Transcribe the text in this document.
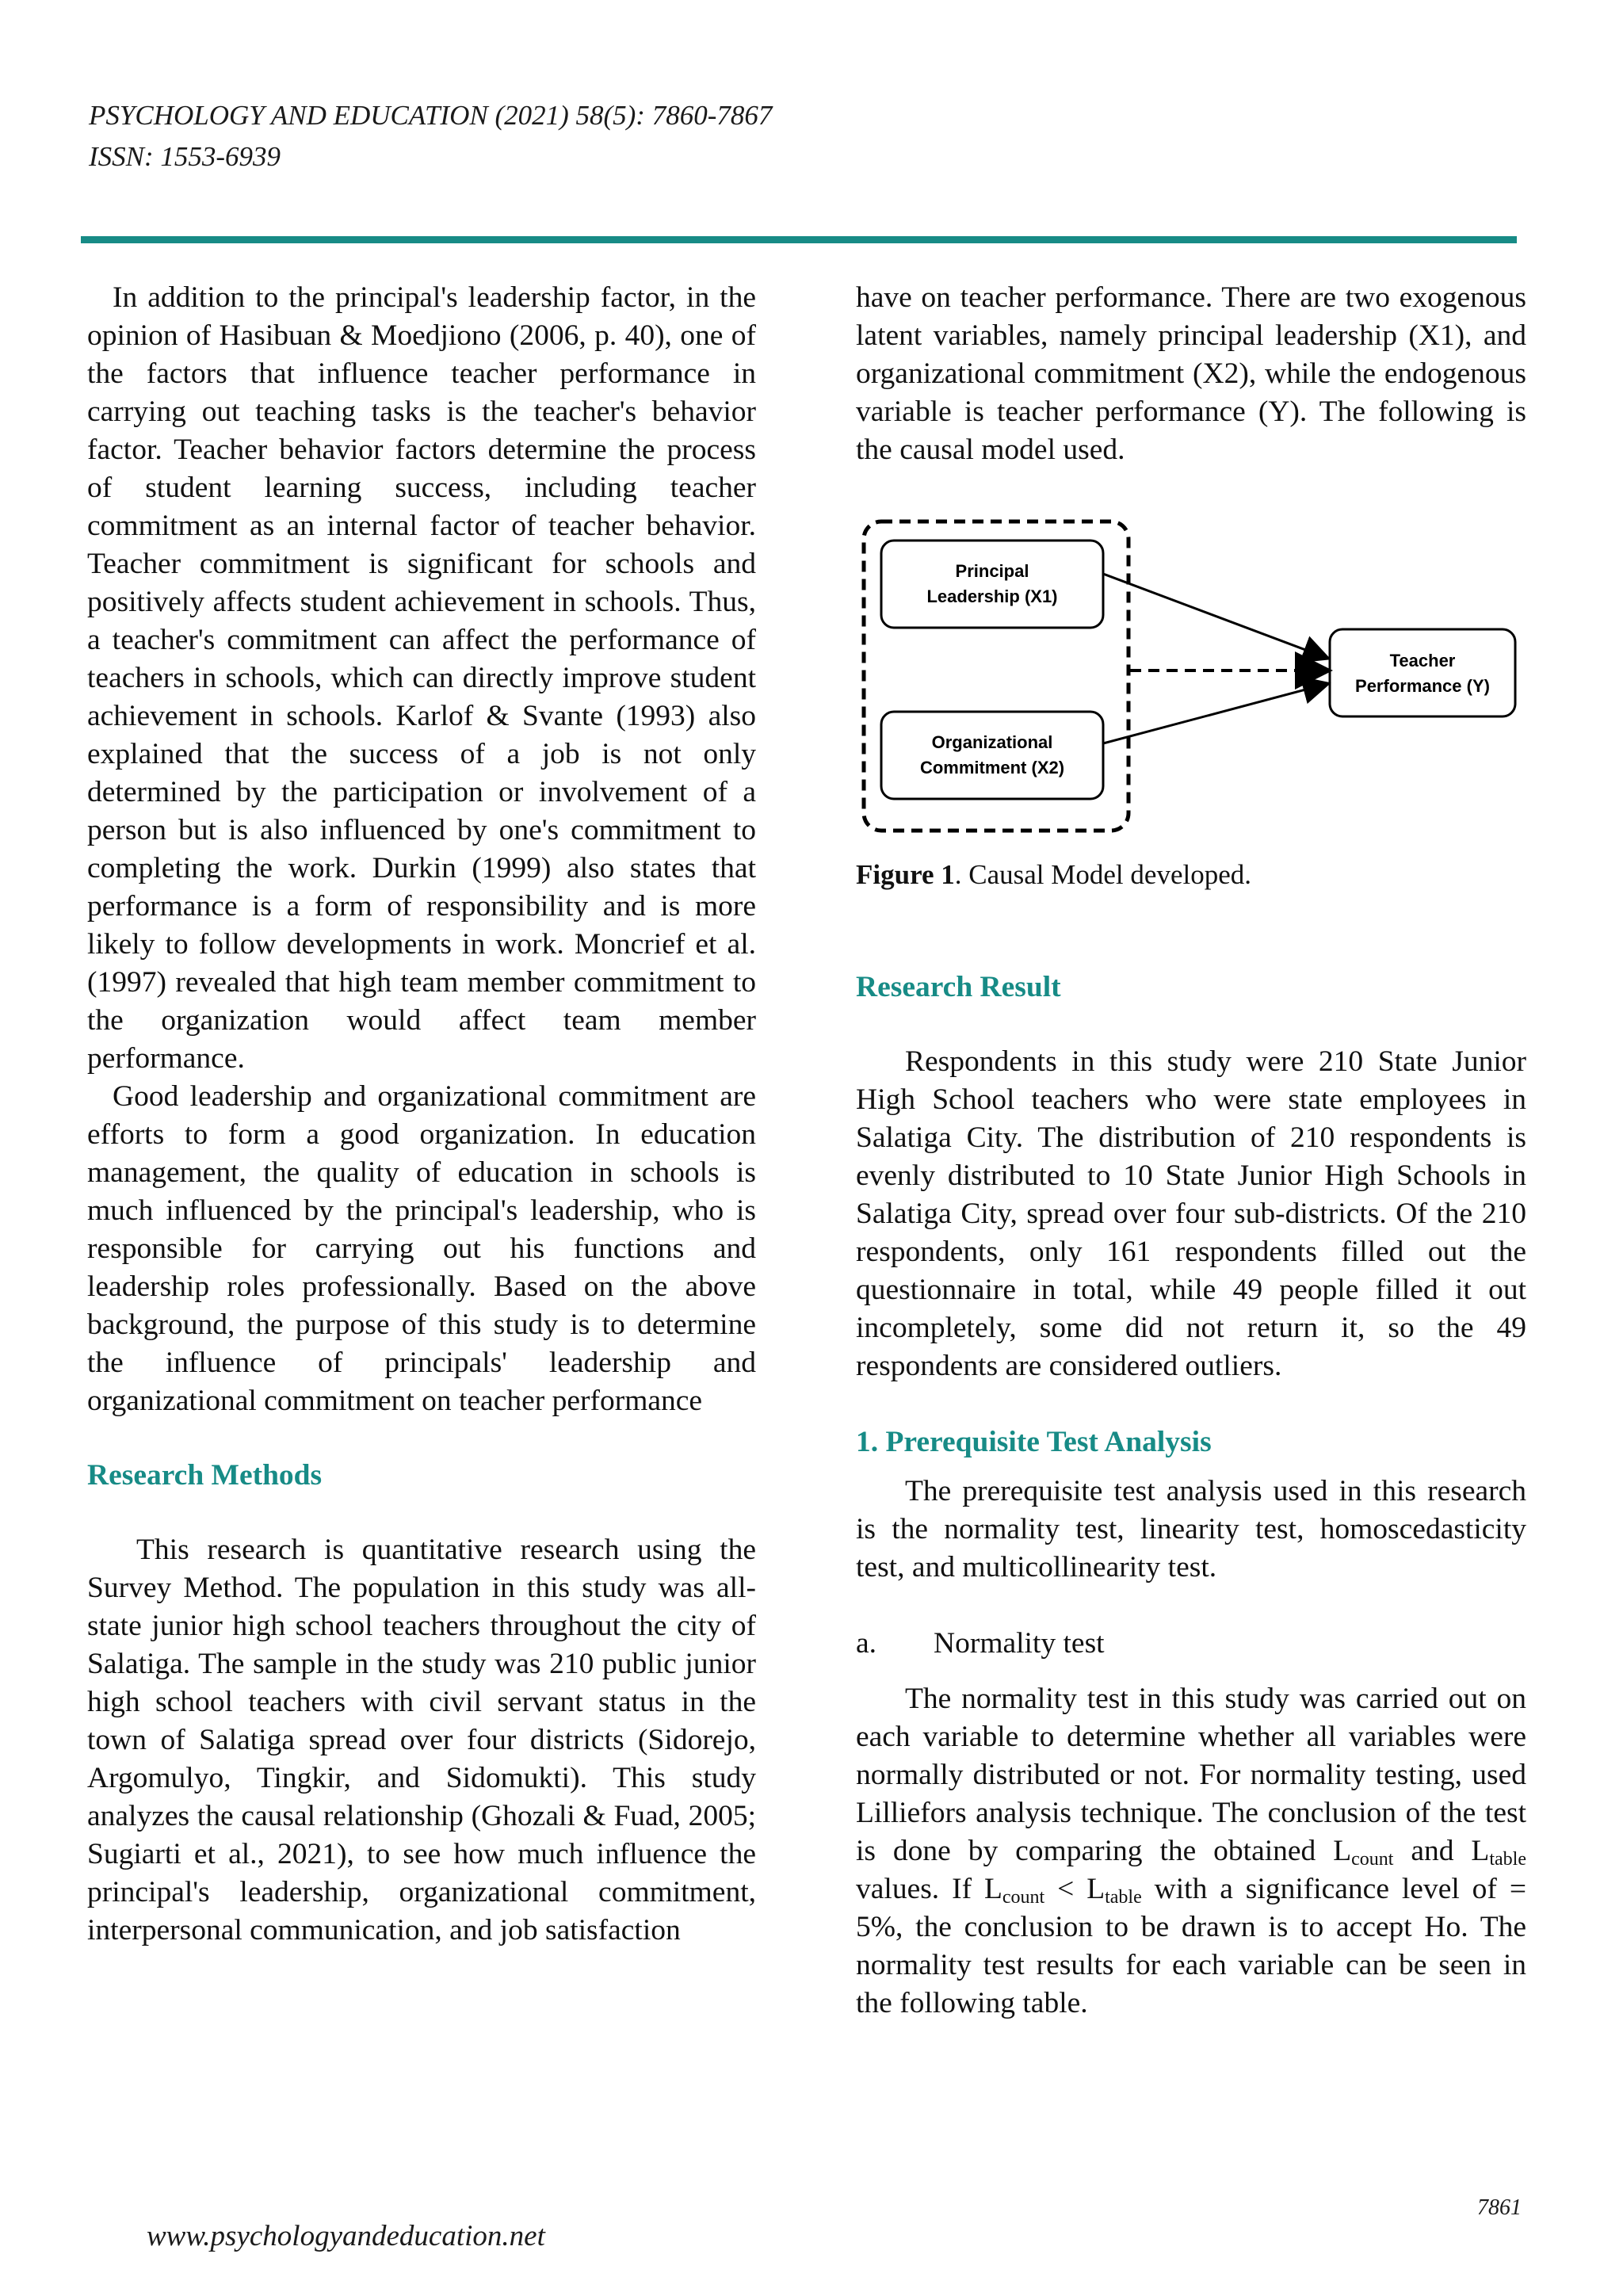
PSYCHOLOGY AND EDUCATION (2021) 58(5): 7860-7867
ISSN: 1553-6939

In addition to the principal's leadership factor, in the opinion of Hasibuan & Moedjiono (2006, p. 40), one of the factors that influence teacher performance in carrying out teaching tasks is the teacher's behavior factor. Teacher behavior factors determine the process of student learning success, including teacher commitment as an internal factor of teacher behavior. Teacher commitment is significant for schools and positively affects student achievement in schools. Thus, a teacher's commitment can affect the performance of teachers in schools, which can directly improve student achievement in schools. Karlof & Svante (1993) also explained that the success of a job is not only determined by the participation or involvement of a person but is also influenced by one's commitment to completing the work. Durkin (1999) also states that performance is a form of responsibility and is more likely to follow developments in work. Moncrief et al. (1997) revealed that high team member commitment to the organization would affect team member performance.

Good leadership and organizational commitment are efforts to form a good organization. In education management, the quality of education in schools is much influenced by the principal's leadership, who is responsible for carrying out his functions and leadership roles professionally. Based on the above background, the purpose of this study is to determine the influence of principals' leadership and organizational commitment on teacher performance

Research Methods

This research is quantitative research using the Survey Method. The population in this study was all-state junior high school teachers throughout the city of Salatiga. The sample in the study was 210 public junior high school teachers with civil servant status in the town of Salatiga spread over four districts (Sidorejo, Argomulyo, Tingkir, and Sidomukti). This study analyzes the causal relationship (Ghozali & Fuad, 2005; Sugiarti et al., 2021), to see how much influence the principal's leadership, organizational commitment, interpersonal communication, and job satisfaction

have on teacher performance. There are two exogenous latent variables, namely principal leadership (X1), and organizational commitment (X2), while the endogenous variable is teacher performance (Y). The following is the causal model used.

Principal
Leadership (X1)
Organizational
Commitment (X2)
Teacher
Performance (Y)

Figure 1. Causal Model developed.

Research Result

Respondents in this study were 210 State Junior High School teachers who were state employees in Salatiga City. The distribution of 210 respondents is evenly distributed to 10 State Junior High Schools in Salatiga City, spread over four sub-districts. Of the 210 respondents, only 161 respondents filled out the questionnaire in total, while 49 people filled it out incompletely, some did not return it, so the 49 respondents are considered outliers.

1. Prerequisite Test Analysis

The prerequisite test analysis used in this research is the normality test, linearity test, homoscedasticity test, and multicollinearity test.

a. Normality test

The normality test in this study was carried out on each variable to determine whether all variables were normally distributed or not. For normality testing, used Lilliefors analysis technique. The conclusion of the test is done by comparing the obtained $L_{count}$ and $L_{table}$ values. If $L_{count} < L_{table}$ with a significance level of = 5%, the conclusion to be drawn is to accept Ho. The normality test results for each variable can be seen in the following table.

7861
www.psychologyandeducation.net
